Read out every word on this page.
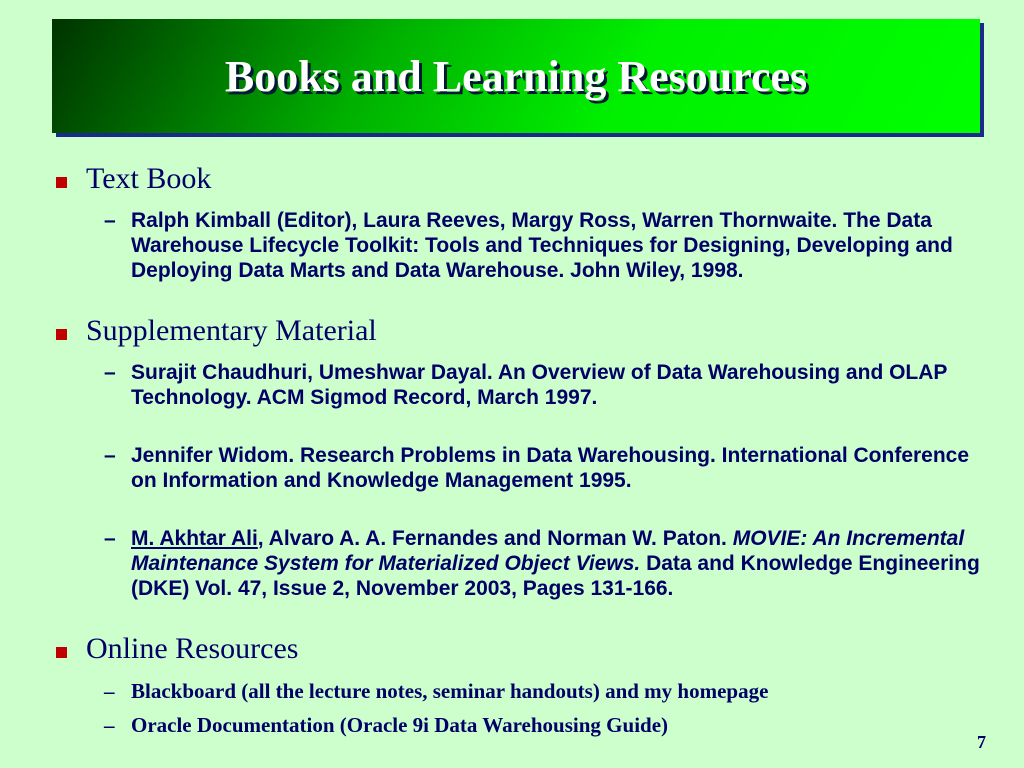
Books and Learning Resources
Text Book
– Ralph Kimball (Editor), Laura Reeves, Margy Ross, Warren Thornwaite. The Data Warehouse Lifecycle Toolkit: Tools and Techniques for Designing, Developing and Deploying Data Marts and Data Warehouse. John Wiley, 1998.
Supplementary Material
– Surajit Chaudhuri, Umeshwar Dayal. An Overview of Data Warehousing and OLAP Technology. ACM Sigmod Record, March 1997.
– Jennifer Widom. Research Problems in Data Warehousing. International Conference on Information and Knowledge Management 1995.
– M. Akhtar Ali, Alvaro A. A. Fernandes and Norman W. Paton. MOVIE: An Incremental Maintenance System for Materialized Object Views. Data and Knowledge Engineering (DKE) Vol. 47, Issue 2, November 2003, Pages 131-166.
Online Resources
– Blackboard (all the lecture notes, seminar handouts) and my homepage
– Oracle Documentation (Oracle 9i Data Warehousing Guide)
7
